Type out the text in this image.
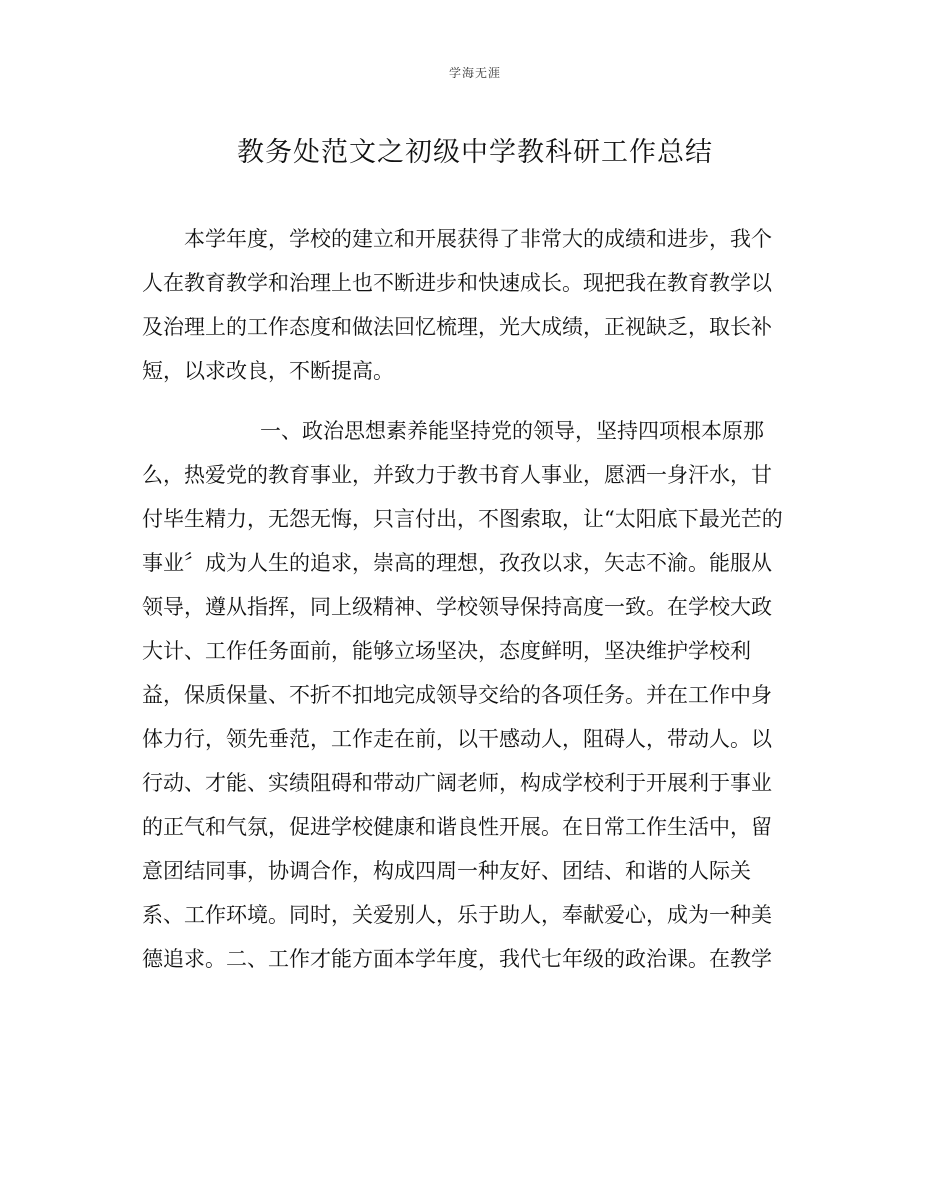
学海无涯
教务处范文之初级中学教科研工作总结
本学年度，学校的建立和开展获得了非常大的成绩和进步，我个
人在教育教学和治理上也不断进步和快速成长。现把我在教育教学以
及治理上的工作态度和做法回忆梳理，光大成绩，正视缺乏，取长补
短，以求改良，不断提高。
一、政治思想素养能坚持党的领导，坚持四项根本原那
么，热爱党的教育事业，并致力于教书育人事业，愿洒一身汗水，甘
付毕生精力，无怨无悔，只言付出，不图索取，让“太阳底下最光芒的
事业〞成为人生的追求，崇高的理想，孜孜以求，矢志不渝。能服从
领导，遵从指挥，同上级精神、学校领导保持高度一致。在学校大政
大计、工作任务面前，能够立场坚决，态度鲜明，坚决维护学校利
益，保质保量、不折不扣地完成领导交给的各项任务。并在工作中身
体力行，领先垂范，工作走在前，以干感动人，阻碍人，带动人。以
行动、才能、实绩阻碍和带动广阔老师，构成学校利于开展利于事业
的正气和气氛，促进学校健康和谐良性开展。在日常工作生活中，留
意团结同事，协调合作，构成四周一种友好、团结、和谐的人际关
系、工作环境。同时，关爱别人，乐于助人，奉献爱心，成为一种美
德追求。二、工作才能方面本学年度，我代七年级的政治课。在教学
